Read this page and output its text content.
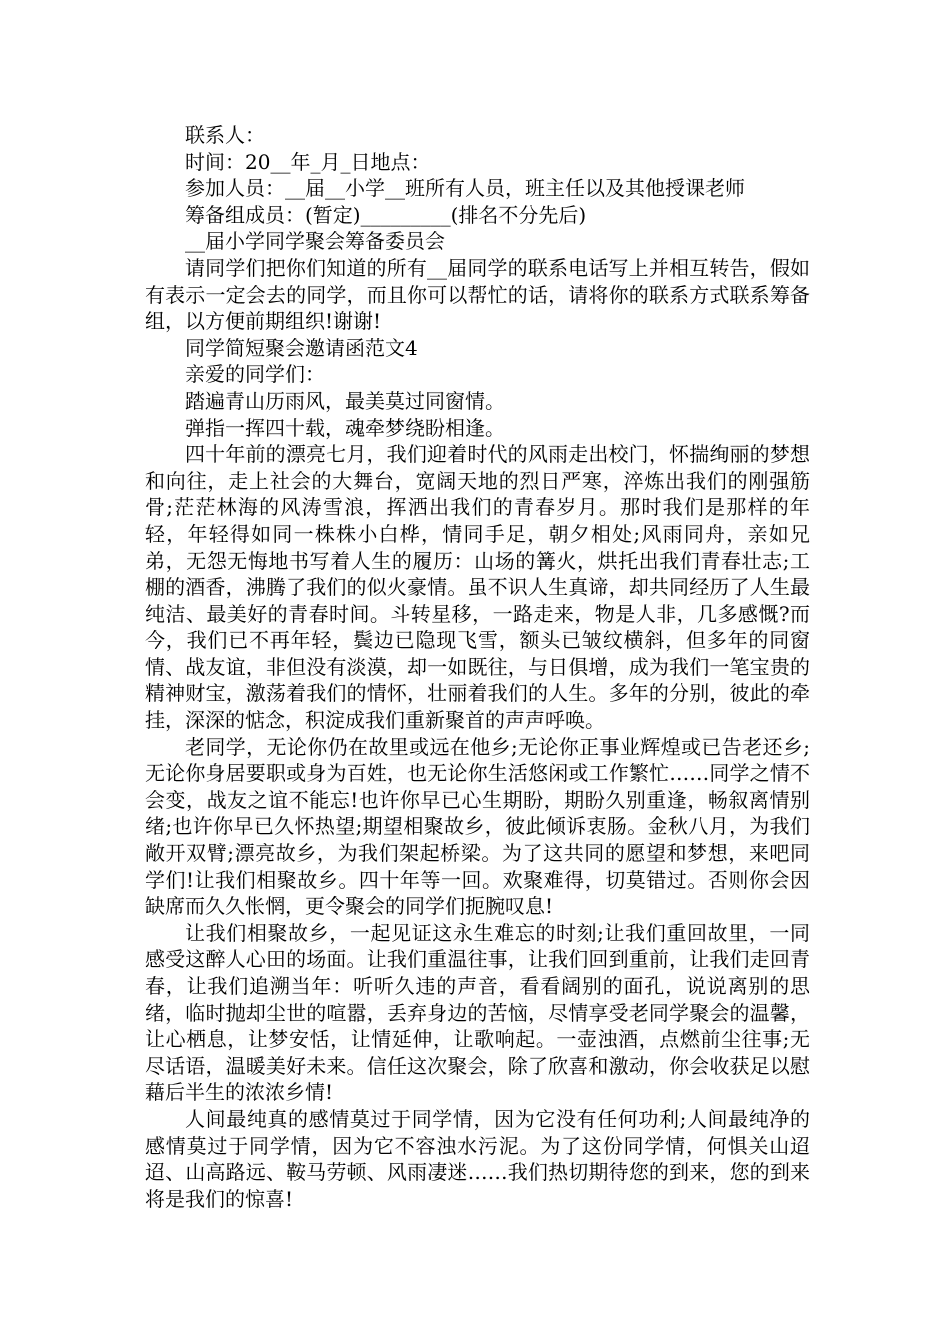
联系人：

时间：20__年_月_日地点：

参加人员：__届__小学__班所有人员，班主任以及其他授课老师

筹备组成员：(暂定)_________(排名不分先后)

__届小学同学聚会筹备委员会

请同学们把你们知道的所有__届同学的联系电话写上并相互转告，假如有表示一定会去的同学，而且你可以帮忙的话，请将你的联系方式联系筹备组，以方便前期组织!谢谢!

同学简短聚会邀请函范文4

亲爱的同学们：

踏遍青山历雨风，最美莫过同窗情。

弹指一挥四十载，魂牵梦绕盼相逢。

四十年前的漂亮七月，我们迎着时代的风雨走出校门，怀揣绚丽的梦想和向往，走上社会的大舞台，宽阔天地的烈日严寒，淬炼出我们的刚强筋骨;茫茫林海的风涛雪浪，挥洒出我们的青春岁月。那时我们是那样的年轻，年轻得如同一株株小白桦，情同手足，朝夕相处;风雨同舟，亲如兄弟，无怨无悔地书写着人生的履历：山场的篝火，烘托出我们青春壮志;工棚的酒香，沸腾了我们的似火豪情。虽不识人生真谛，却共同经历了人生最纯洁、最美好的青春时间。斗转星移，一路走来，物是人非，几多感慨?而今，我们已不再年轻，鬓边已隐现飞雪，额头已皱纹横斜，但多年的同窗情、战友谊，非但没有淡漠，却一如既往，与日俱增，成为我们一笔宝贵的精神财宝，激荡着我们的情怀，壮丽着我们的人生。多年的分别，彼此的牵挂，深深的惦念，积淀成我们重新聚首的声声呼唤。

老同学，无论你仍在故里或远在他乡;无论你正事业辉煌或已告老还乡;无论你身居要职或身为百姓，也无论你生活悠闲或工作繁忙……同学之情不会变，战友之谊不能忘!也许你早已心生期盼，期盼久别重逢，畅叙离情别绪;也许你早已久怀热望;期望相聚故乡，彼此倾诉衷肠。金秋八月，为我们敞开双臂;漂亮故乡，为我们架起桥梁。为了这共同的愿望和梦想，来吧同学们!让我们相聚故乡。四十年等一回。欢聚难得，切莫错过。否则你会因缺席而久久怅惘，更令聚会的同学们扼腕叹息!

让我们相聚故乡，一起见证这永生难忘的时刻;让我们重回故里，一同感受这醉人心田的场面。让我们重温往事，让我们回到重前，让我们走回青春，让我们追溯当年：听听久违的声音，看看阔别的面孔，说说离别的思绪，临时抛却尘世的喧嚣，丢弃身边的苦恼，尽情享受老同学聚会的温馨，让心栖息，让梦安恬，让情延伸，让歌响起。一壶浊酒，点燃前尘往事;无尽话语，温暖美好未来。信任这次聚会，除了欣喜和激动，你会收获足以慰藉后半生的浓浓乡情!

人间最纯真的感情莫过于同学情，因为它没有任何功利;人间最纯净的感情莫过于同学情，因为它不容浊水污泥。为了这份同学情，何惧关山迢迢、山高路远、鞍马劳顿、风雨凄迷……我们热切期待您的到来，您的到来将是我们的惊喜!
